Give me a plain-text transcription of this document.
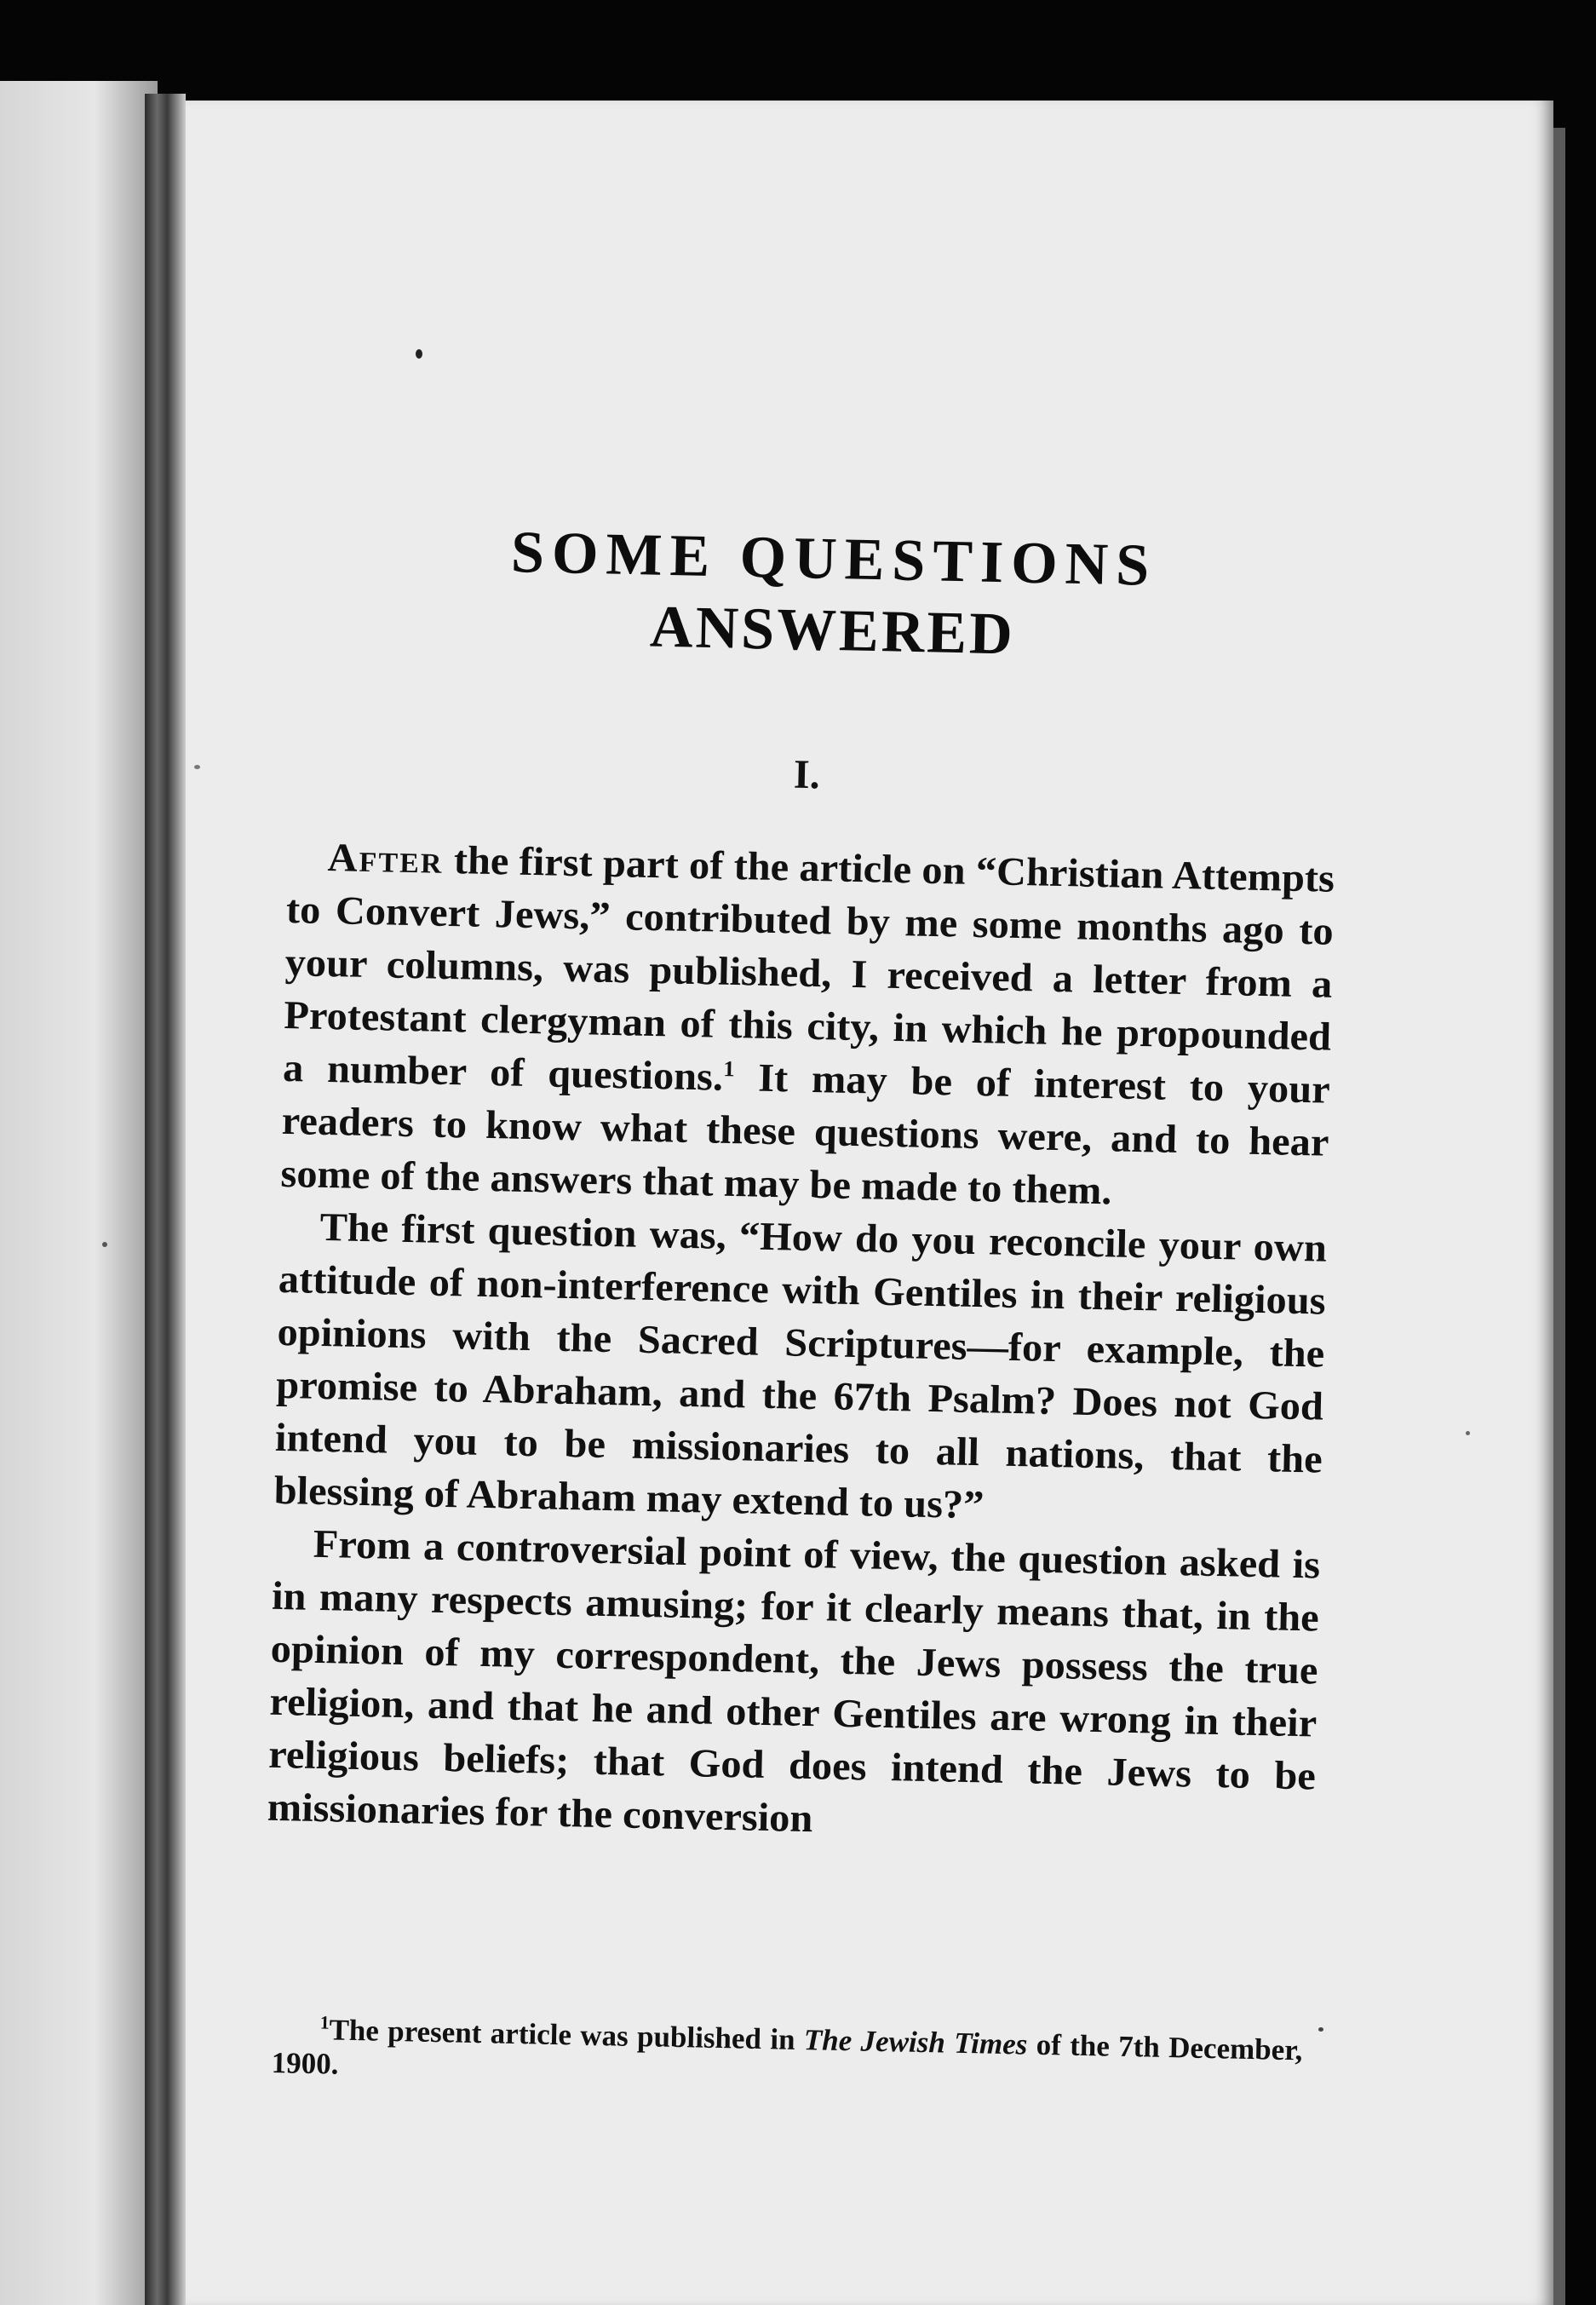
SOME QUESTIONS
ANSWERED
I.

After the first part of the article on “Christian Attempts to Convert Jews,” contributed by me some months ago to your columns, was published, I received a letter from a Protestant clergyman of this city, in which he propounded a number of questions.$^1$ It may be of interest to your readers to know what these questions were, and to hear some of the answers that may be made to them.

The first question was, “How do you reconcile your own attitude of non-interference with Gentiles in their religious opinions with the Sacred Scriptures—for example, the promise to Abraham, and the 67th Psalm? Does not God intend you to be missionaries to all nations, that the blessing of Abraham may extend to us?”

From a controversial point of view, the question asked is in many respects amusing; for it clearly means that, in the opinion of my correspondent, the Jews possess the true religion, and that he and other Gentiles are wrong in their religious beliefs; that God does intend the Jews to be missionaries for the conversion

$^1$The present article was published in The Jewish Times of the 7th December, 1900.
